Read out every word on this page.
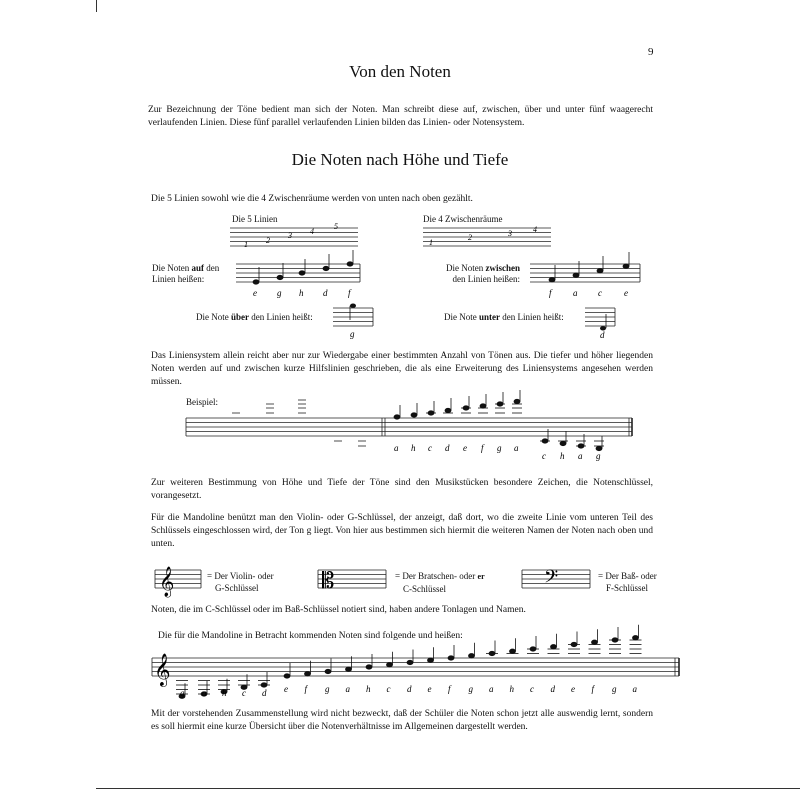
9
Von den Noten
Zur Bezeichnung der Töne bedient man sich der Noten. Man schreibt diese auf, zwischen, über und unter fünf waagerecht verlaufenden Linien. Diese fünf parallel verlaufenden Linien bilden das Linien- oder Notensystem.
Die Noten nach Höhe und Tiefe
Die 5 Linien sowohl wie die 4 Zwischenräume werden von unten nach oben gezählt.
Die 5 Linien
1 2
3 4
5
Die 4 Zwischenräume
1
2	3	4
Die Noten auf den
Linien heißen:
e g h d f
Die Noten zwischen
den Linien heißen:
f a c e
Die Note über den Linien heißt:
g
Die Note unter den Linien heißt:
d
Das Liniensystem allein reicht aber nur zur Wiedergabe einer bestimmten Anzahl von Tönen aus. Die tiefer und höher liegenden Noten werden auf und zwischen kurze Hilfslinien geschrieben, die als eine Erweiterung des Liniensystems angesehen werden müssen.
Beispiel:
a h c d e f g a
c h a g
Zur weiteren Bestimmung von Höhe und Tiefe der Töne sind den Musikstücken besondere Zeichen, die Notenschlüssel, vorangesetzt.
Für die Mandoline benützt man den Violin- oder G-Schlüssel, der anzeigt, daß dort, wo die zweite Linie vom unteren Teil des Schlüssels eingeschlossen wird, der Ton g liegt. Von hier aus bestimmen sich hiermit die weiteren Namen der Noten nach oben und unten.
𝄞	= Der Violin- oder
G-Schlüssel	𝄡	= Der Bratschen- oder er
C-Schlüssel	𝄢	= Der Baß- oder
F-Schlüssel
Noten, die im C-Schlüssel oder im Baß-Schlüssel notiert sind, haben andere Tonlagen und Namen.
Die für die Mandoline in Betracht kommenden Noten sind folgende und heißen:
𝄞
g a h c d e f g a h c d e f g a h c d e f g a
Mit der vorstehenden Zusammenstellung wird nicht bezweckt, daß der Schüler die Noten schon jetzt alle auswendig lernt, sondern es soll hiermit eine kurze Übersicht über die Notenverhältnisse im Allgemeinen dargestellt werden.
